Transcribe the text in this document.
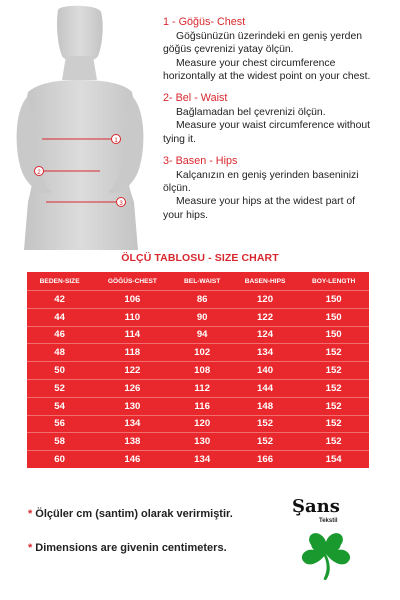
1
2
3
1 - Göğüs- Chest
Göğsünüzün üzerindeki en geniş yerden
göğüs çevrenizi yatay ölçün.
Measure your chest circumference
horizontally at the widest point on your chest.
2- Bel - Waist
Bağlamadan bel çevrenizi ölçün.
Measure your waist circumference without
tying it.
3- Basen - Hips
Kalçanızın en geniş yerinden baseninizi
ölçün.
Measure your hips at the widest part of
your hips.
ÖLÇÜ TABLOSU - SIZE CHART
BEDEN-SIZE	GÖĞÜS-CHEST	BEL-WAIST	BASEN-HIPS	BOY-LENGTH
42	106	86	120	150
44	110	90	122	150
46	114	94	124	150
48	118	102	134	152
50	122	108	140	152
52	126	112	144	152
54	130	116	148	152
56	134	120	152	152
58	138	130	152	152
60	146	134	166	154
* Ölçüler cm (santim) olarak verirmiştir.
* Dimensions are givenin centimeters.
Şans
Tekstil
